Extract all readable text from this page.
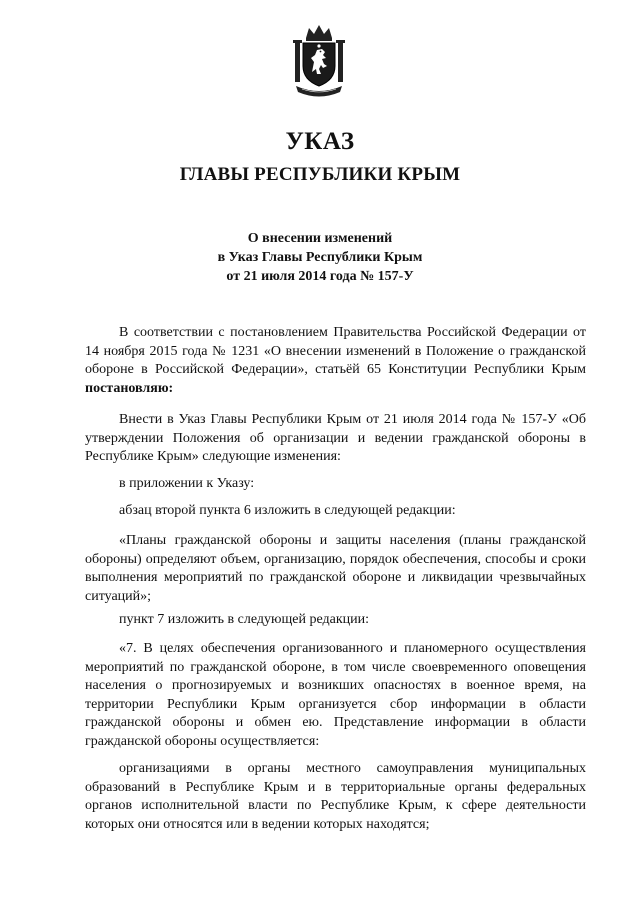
УКАЗ
ГЛАВЫ РЕСПУБЛИКИ КРЫМ
О внесении изменений
в Указ Главы Республики Крым
от 21 июля 2014 года № 157-У

В соответствии с постановлением Правительства Российской Федерации от 14 ноября 2015 года № 1231 «О внесении изменений в Положение о гражданской обороне в Российской Федерации», статьёй 65 Конституции Республики Крым постановляю:

Внести в Указ Главы Республики Крым от 21 июля 2014 года № 157-У «Об утверждении Положения об организации и ведении гражданской обороны в Республике Крым» следующие изменения:

в приложении к Указу:

абзац второй пункта 6 изложить в следующей редакции:

«Планы гражданской обороны и защиты населения (планы гражданской обороны) определяют объем, организацию, порядок обеспечения, способы и сроки выполнения мероприятий по гражданской обороне и ликвидации чрезвычайных ситуаций»;

пункт 7 изложить в следующей редакции:

«7. В целях обеспечения организованного и планомерного осуществления мероприятий по гражданской обороне, в том числе своевременного оповещения населения о прогнозируемых и возникших опасностях в военное время, на территории Республики Крым организуется сбор информации в области гражданской обороны и обмен ею. Представление информации в области гражданской обороны осуществляется:

организациями в органы местного самоуправления муниципальных образований в Республике Крым и в территориальные органы федеральных органов исполнительной власти по Республике Крым, к сфере деятельности которых они относятся или в ведении которых находятся;
